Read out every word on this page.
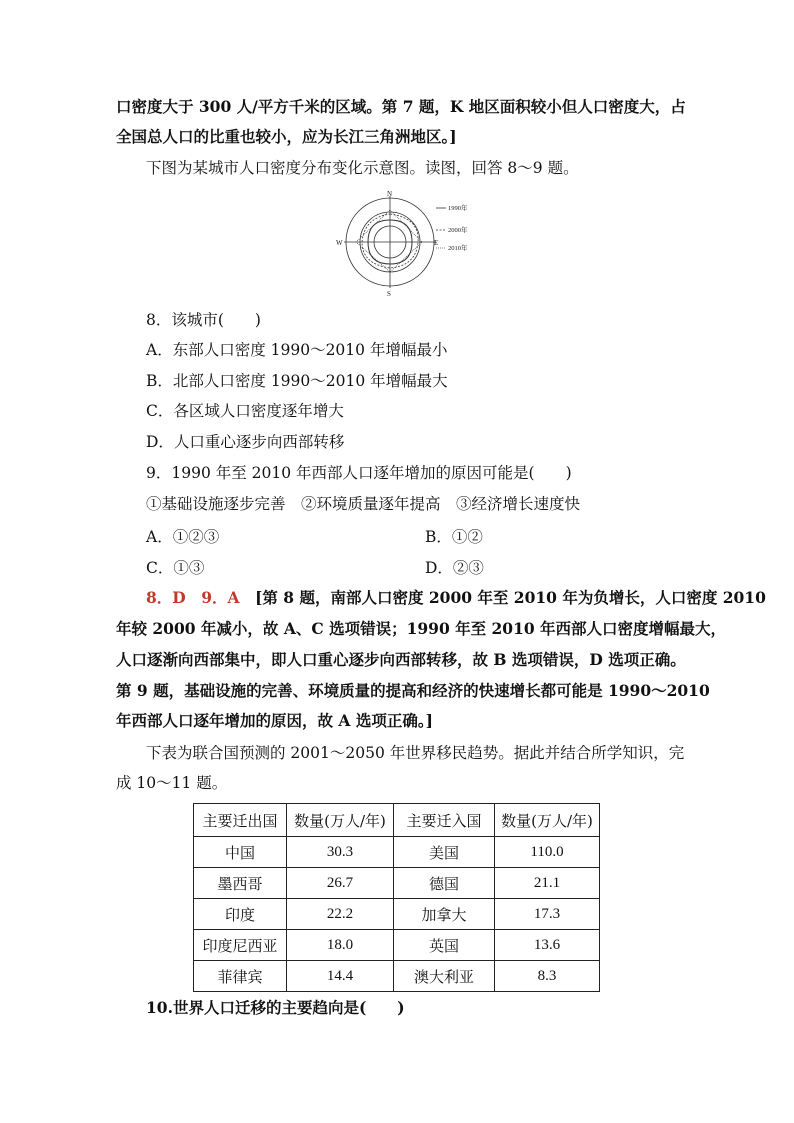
口密度大于 300 人/平方千米的区域。第 7 题，K 地区面积较小但人口密度大，占
全国总人口的比重也较小，应为长江三角洲地区。]
下图为某城市人口密度分布变化示意图。读图，回答 8～9 题。
N
S
E
W
1990年
2000年
2010年
8．该城市(　　)
A．东部人口密度 1990～2010 年增幅最小
B．北部人口密度 1990～2010 年增幅最大
C．各区域人口密度逐年增大
D．人口重心逐步向西部转移
9．1990 年至 2010 年西部人口逐年增加的原因可能是(　　)
①基础设施逐步完善　②环境质量逐年提高　③经济增长速度快
A．①②③	B．①②
C．①③	D．②③
8．D　9．A　 [第 8 题，南部人口密度 2000 年至 2010 年为负增长，人口密度 2010
年较 2000 年减小，故 A、C 选项错误；1990 年至 2010 年西部人口密度增幅最大，
人口逐渐向西部集中，即人口重心逐步向西部转移，故 B 选项错误，D 选项正确。
第 9 题，基础设施的完善、环境质量的提高和经济的快速增长都可能是 1990～2010
年西部人口逐年增加的原因，故 A 选项正确。]
下表为联合国预测的 2001～2050 年世界移民趋势。据此并结合所学知识，完
成 10～11 题。
主要迁出国	数量(万人/年)	主要迁入国	数量(万人/年)
中国	30.3	美国	110.0
墨西哥	26.7	德国	21.1
印度	22.2	加拿大	17.3
印度尼西亚	18.0	英国	13.6
菲律宾	14.4	澳大利亚	8.3
10.世界人口迁移的主要趋向是(　　)
